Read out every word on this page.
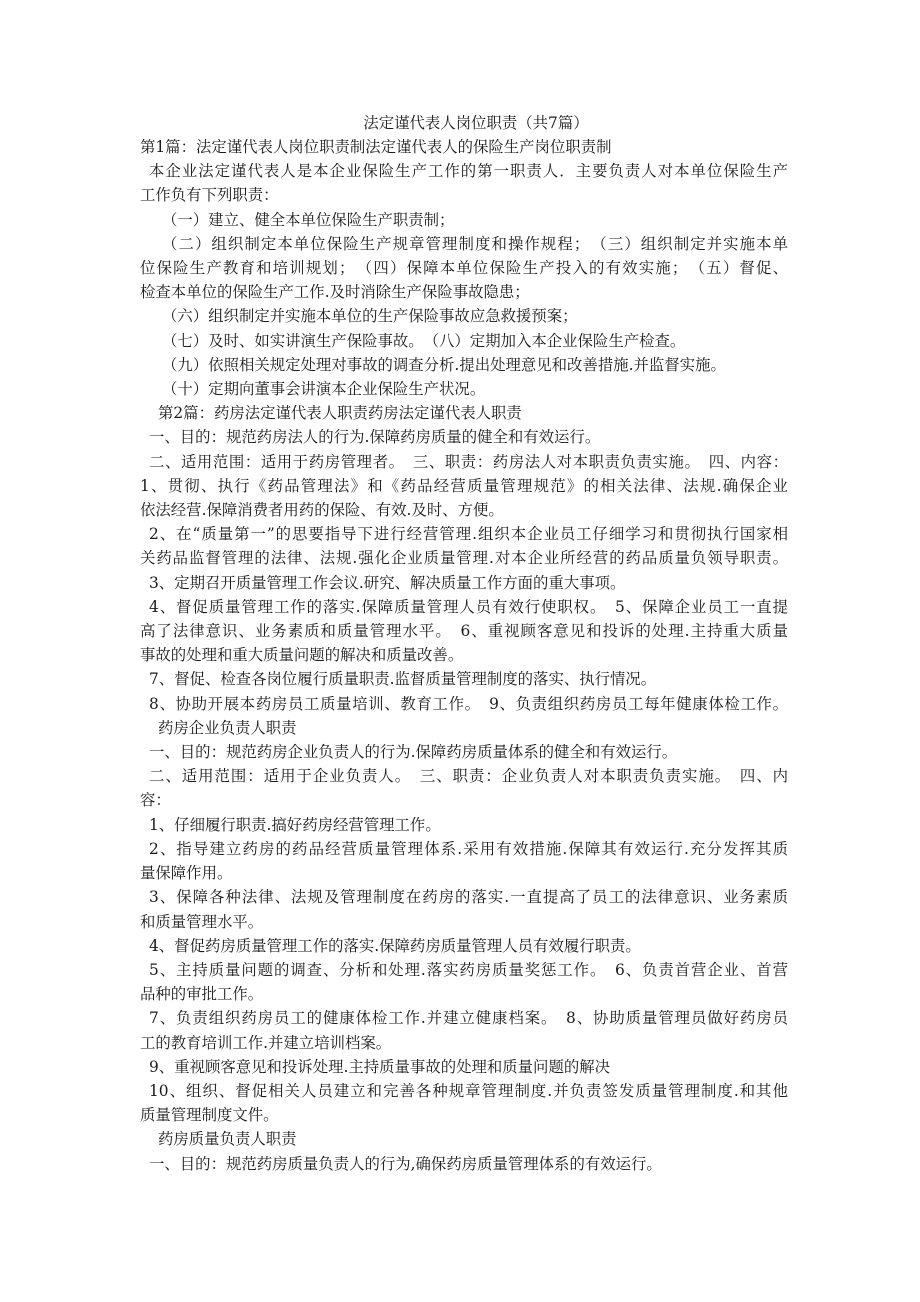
法定谨代表人岗位职责（共7篇）
第1篇：法定谨代表人岗位职责制法定谨代表人的保险生产岗位职责制
本企业法定谨代表人是本企业保险生产工作的第一职责人．主要负责人对本单位保险生产
工作负有下列职责：
（一）建立、健全本单位保险生产职责制；
（二）组织制定本单位保险生产规章管理制度和操作规程；　（三）组织制定并实施本单
位保险生产教育和培训规划；　（四）保障本单位保险生产投入的有效实施；　（五）督促、
检查本单位的保险生产工作.及时消除生产保险事故隐患；
（六）组织制定并实施本单位的生产保险事故应急救援预案；
（七）及时、如实讲演生产保险事故。　（八）定期加入本企业保险生产检查。
（九）依照相关规定处理对事故的调查分析.提出处理意见和改善措施.并监督实施。
（十）定期向董事会讲演本企业保险生产状况。
第2篇：药房法定谨代表人职责药房法定谨代表人职责
一、目的：规范药房法人的行为.保障药房质量的健全和有效运行。
二、适用范围：适用于药房管理者。　三、职责：药房法人对本职责负责实施。　四、内容：
1、贯彻、执行《药品管理法》和《药品经营质量管理规范》的相关法律、法规.确保企业
依法经营.保障消费者用药的保险、有效.及时、方便。
2、在“质量第一”的思要指导下进行经营管理.组织本企业员工仔细学习和贯彻执行国家相
关药品监督管理的法律、法规.强化企业质量管理.对本企业所经营的药品质量负领导职责。
3、定期召开质量管理工作会议.研究、解决质量工作方面的重大事项。
4、督促质量管理工作的落实.保障质量管理人员有效行使职权。　5、保障企业员工一直提
高了法律意识、业务素质和质量管理水平。　6、重视顾客意见和投诉的处理.主持重大质量
事故的处理和重大质量问题的解决和质量改善。
7、督促、检查各岗位履行质量职责.监督质量管理制度的落实、执行情况。
8、协助开展本药房员工质量培训、教育工作。　9、负责组织药房员工每年健康体检工作。
药房企业负责人职责
一、目的：规范药房企业负责人的行为.保障药房质量体系的健全和有效运行。
二、适用范围：适用于企业负责人。　三、职责：企业负责人对本职责负责实施。　四、内
容：
1、仔细履行职责.搞好药房经营管理工作。
2、指导建立药房的药品经营质量管理体系.采用有效措施.保障其有效运行.充分发挥其质
量保障作用。
3、保障各种法律、法规及管理制度在药房的落实.一直提高了员工的法律意识、业务素质
和质量管理水平。
4、督促药房质量管理工作的落实.保障药房质量管理人员有效履行职责。
5、主持质量问题的调查、分析和处理.落实药房质量奖惩工作。　6、负责首营企业、首营
品种的审批工作。
7、负责组织药房员工的健康体检工作.并建立健康档案。　8、协助质量管理员做好药房员
工的教育培训工作.并建立培训档案。
9、重视顾客意见和投诉处理.主持质量事故的处理和质量问题的解决
10、组织、督促相关人员建立和完善各种规章管理制度.并负责签发质量管理制度.和其他
质量管理制度文件。
药房质量负责人职责
一、目的：规范药房质量负责人的行为,确保药房质量管理体系的有效运行。
